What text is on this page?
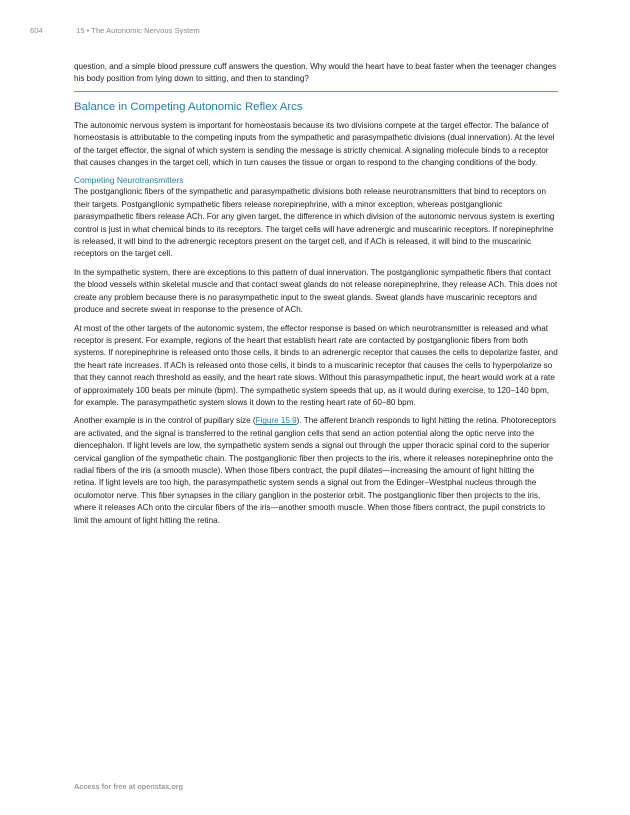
604	15 • The Autonomic Nervous System

question, and a simple blood pressure cuff answers the question. Why would the heart have to beat faster when the teenager changes his body position from lying down to sitting, and then to standing?

Balance in Competing Autonomic Reflex Arcs

The autonomic nervous system is important for homeostasis because its two divisions compete at the target effector. The balance of homeostasis is attributable to the competing inputs from the sympathetic and parasympathetic divisions (dual innervation). At the level of the target effector, the signal of which system is sending the message is strictly chemical. A signaling molecule binds to a receptor that causes changes in the target cell, which in turn causes the tissue or organ to respond to the changing conditions of the body.

Competing Neurotransmitters

The postganglionic fibers of the sympathetic and parasympathetic divisions both release neurotransmitters that bind to receptors on their targets. Postganglionic sympathetic fibers release norepinephrine, with a minor exception, whereas postganglionic parasympathetic fibers release ACh. For any given target, the difference in which division of the autonomic nervous system is exerting control is just in what chemical binds to its receptors. The target cells will have adrenergic and muscarinic receptors. If norepinephrine is released, it will bind to the adrenergic receptors present on the target cell, and if ACh is released, it will bind to the muscarinic receptors on the target cell.

In the sympathetic system, there are exceptions to this pattern of dual innervation. The postganglionic sympathetic fibers that contact the blood vessels within skeletal muscle and that contact sweat glands do not release norepinephrine, they release ACh. This does not create any problem because there is no parasympathetic input to the sweat glands. Sweat glands have muscarinic receptors and produce and secrete sweat in response to the presence of ACh.

At most of the other targets of the autonomic system, the effector response is based on which neurotransmitter is released and what receptor is present. For example, regions of the heart that establish heart rate are contacted by postganglionic fibers from both systems. If norepinephrine is released onto those cells, it binds to an adrenergic receptor that causes the cells to depolarize faster, and the heart rate increases. If ACh is released onto those cells, it binds to a muscarinic receptor that causes the cells to hyperpolarize so that they cannot reach threshold as easily, and the heart rate slows. Without this parasympathetic input, the heart would work at a rate of approximately 100 beats per minute (bpm). The sympathetic system speeds that up, as it would during exercise, to 120–140 bpm, for example. The parasympathetic system slows it down to the resting heart rate of 60–80 bpm.

Another example is in the control of pupillary size (Figure 15.9). The afferent branch responds to light hitting the retina. Photoreceptors are activated, and the signal is transferred to the retinal ganglion cells that send an action potential along the optic nerve into the diencephalon. If light levels are low, the sympathetic system sends a signal out through the upper thoracic spinal cord to the superior cervical ganglion of the sympathetic chain. The postganglionic fiber then projects to the iris, where it releases norepinephrine onto the radial fibers of the iris (a smooth muscle). When those fibers contract, the pupil dilates—increasing the amount of light hitting the retina. If light levels are too high, the parasympathetic system sends a signal out from the Edinger–Westphal nucleus through the oculomotor nerve. This fiber synapses in the ciliary ganglion in the posterior orbit. The postganglionic fiber then projects to the iris, where it releases ACh onto the circular fibers of the iris—another smooth muscle. When those fibers contract, the pupil constricts to limit the amount of light hitting the retina.

Access for free at openstax.org
